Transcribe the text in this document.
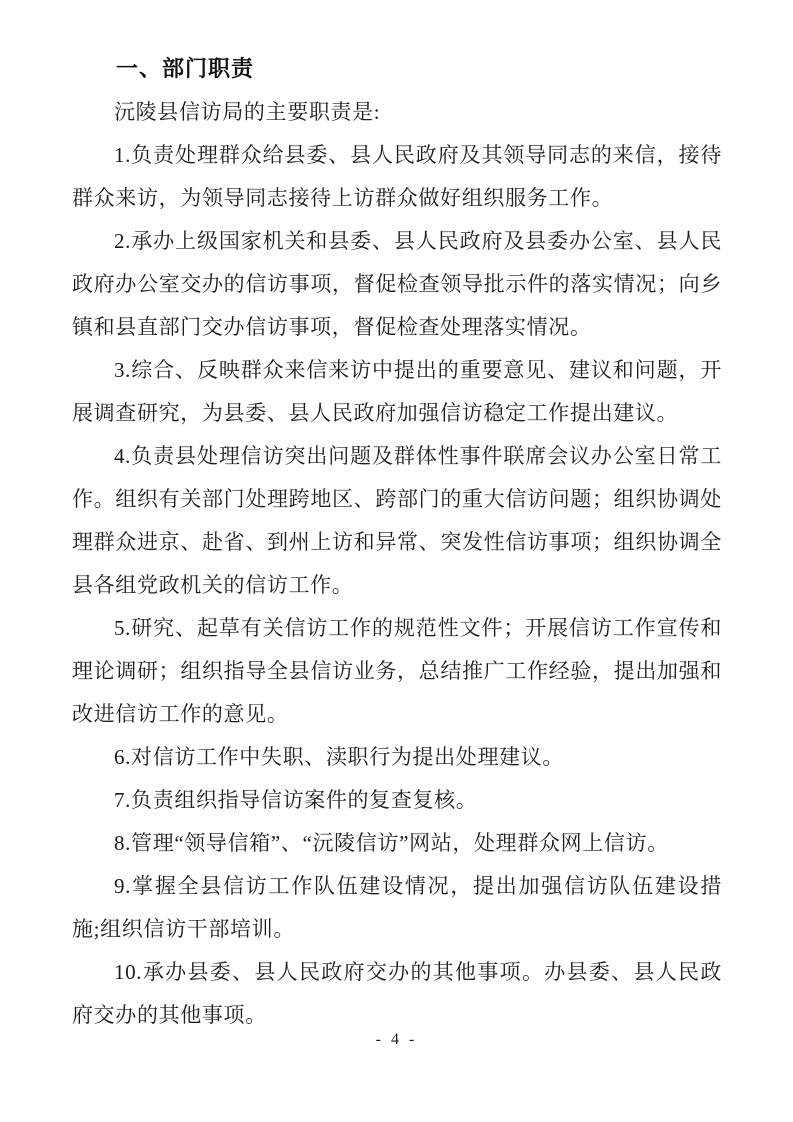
一、部门职责

沅陵县信访局的主要职责是:

1.负责处理群众给县委、县人民政府及其领导同志的来信，接待群众来访，为领导同志接待上访群众做好组织服务工作。

2.承办上级国家机关和县委、县人民政府及县委办公室、县人民政府办公室交办的信访事项，督促检查领导批示件的落实情况；向乡镇和县直部门交办信访事项，督促检查处理落实情况。

3.综合、反映群众来信来访中提出的重要意见、建议和问题，开展调查研究，为县委、县人民政府加强信访稳定工作提出建议。

4.负责县处理信访突出问题及群体性事件联席会议办公室日常工作。组织有关部门处理跨地区、跨部门的重大信访问题；组织协调处理群众进京、赴省、到州上访和异常、突发性信访事项；组织协调全县各组党政机关的信访工作。

5.研究、起草有关信访工作的规范性文件；开展信访工作宣传和理论调研；组织指导全县信访业务，总结推广工作经验，提出加强和改进信访工作的意见。

6.对信访工作中失职、渎职行为提出处理建议。

7.负责组织指导信访案件的复查复核。

8.管理“领导信箱”、“沅陵信访”网站，处理群众网上信访。

9.掌握全县信访工作队伍建设情况，提出加强信访队伍建设措施;组织信访干部培训。

10.承办县委、县人民政府交办的其他事项。办县委、县人民政府交办的其他事项。

- 4 -
